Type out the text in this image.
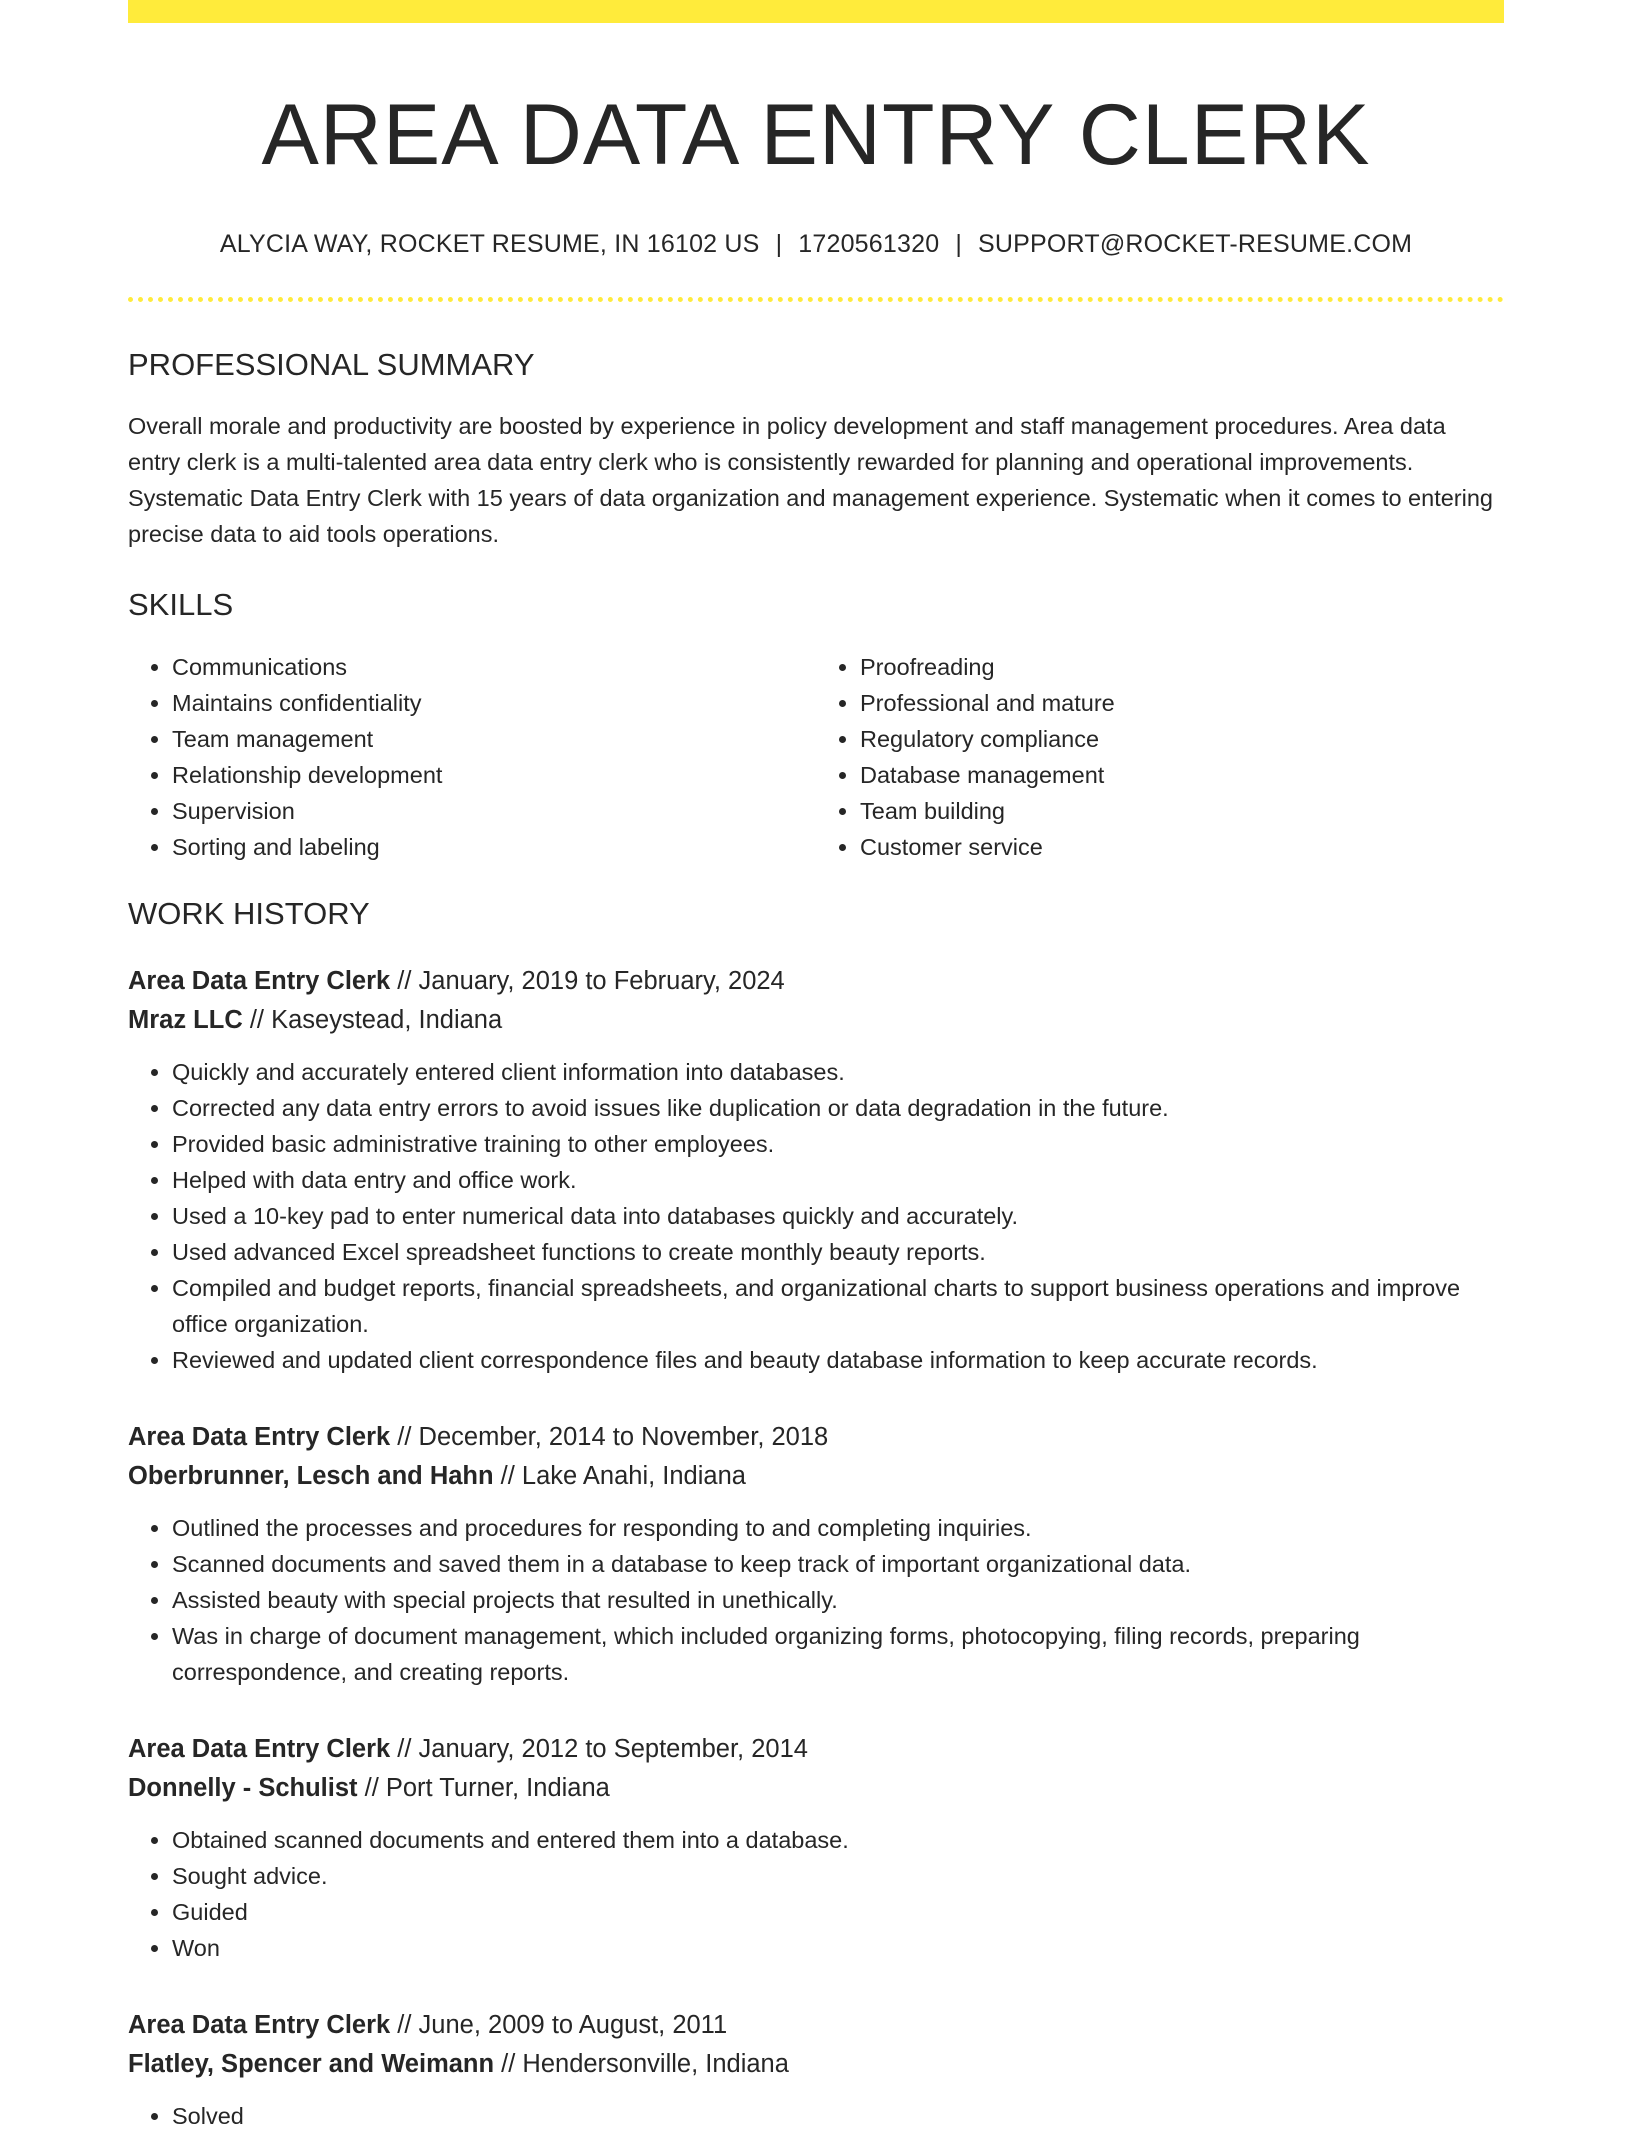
AREA DATA ENTRY CLERK
ALYCIA WAY, ROCKET RESUME, IN 16102 US | 1720561320 | SUPPORT@ROCKET-RESUME.COM
PROFESSIONAL SUMMARY

Overall morale and productivity are boosted by experience in policy development and staff management procedures. Area data entry clerk is a multi-talented area data entry clerk who is consistently rewarded for planning and operational improvements. Systematic Data Entry Clerk with 15 years of data organization and management experience. Systematic when it comes to entering precise data to aid tools operations.

SKILLS
• Communications
• Maintains confidentiality
• Team management
• Relationship development
• Supervision
• Sorting and labeling
• Proofreading
• Professional and mature
• Regulatory compliance
• Database management
• Team building
• Customer service
WORK HISTORY
Area Data Entry Clerk // January, 2019 to February, 2024
Mraz LLC // Kaseystead, Indiana
• Quickly and accurately entered client information into databases.
• Corrected any data entry errors to avoid issues like duplication or data degradation in the future.
• Provided basic administrative training to other employees.
• Helped with data entry and office work.
• Used a 10-key pad to enter numerical data into databases quickly and accurately.
• Used advanced Excel spreadsheet functions to create monthly beauty reports.
• Compiled and budget reports, financial spreadsheets, and organizational charts to support business operations and improve office organization.
• Reviewed and updated client correspondence files and beauty database information to keep accurate records.
Area Data Entry Clerk // December, 2014 to November, 2018
Oberbrunner, Lesch and Hahn // Lake Anahi, Indiana
• Outlined the processes and procedures for responding to and completing inquiries.
• Scanned documents and saved them in a database to keep track of important organizational data.
• Assisted beauty with special projects that resulted in unethically.
• Was in charge of document management, which included organizing forms, photocopying, filing records, preparing correspondence, and creating reports.
Area Data Entry Clerk // January, 2012 to September, 2014
Donnelly - Schulist // Port Turner, Indiana
• Obtained scanned documents and entered them into a database.
• Sought advice.
• Guided
• Won
Area Data Entry Clerk // June, 2009 to August, 2011
Flatley, Spencer and Weimann // Hendersonville, Indiana
• Solved
